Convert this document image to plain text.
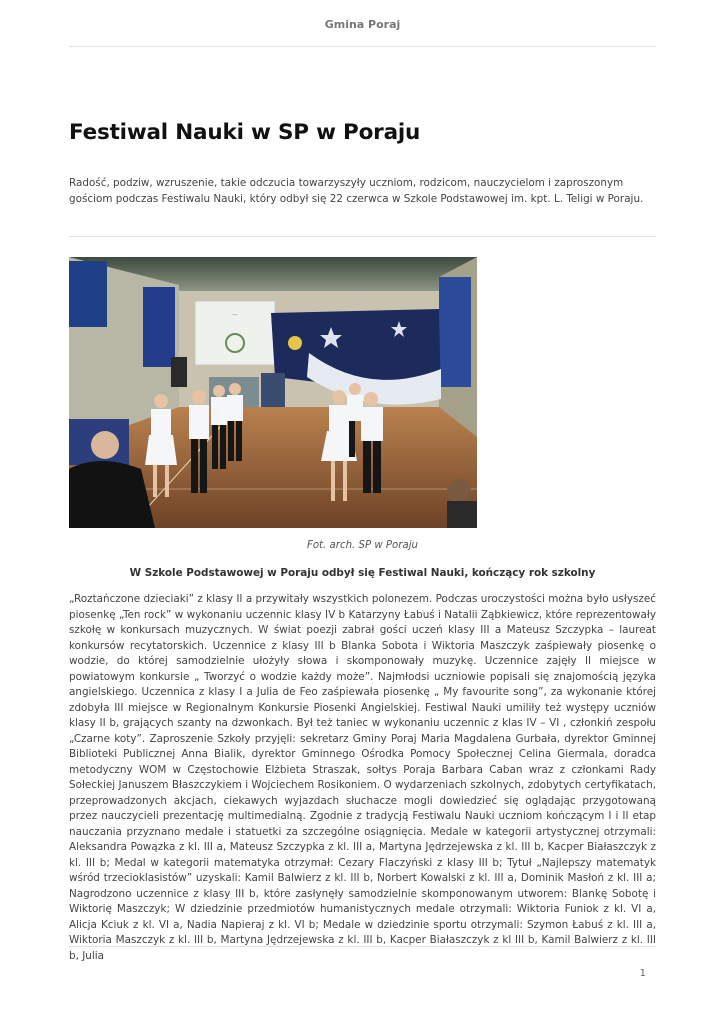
Gmina Poraj
Festiwal Nauki w SP w Poraju

Radość, podziw, wzruszenie, takie odczucia towarzyszyły uczniom, rodzicom, nauczycielom i zaproszonym gościom podczas Festiwalu Nauki, który odbył się 22 czerwca w Szkole Podstawowej im. kpt. L. Teligi w Poraju.

...

Fot. arch. SP w Poraju

W Szkole Podstawowej w Poraju odbył się Festiwal Nauki, kończący rok szkolny

„Roztańczone dzieciaki” z klasy II a przywitały wszystkich polonezem. Podczas uroczystości można było usłyszeć piosenkę „Ten rock” w wykonaniu uczennic klasy IV b Katarzyny Łabuś i Natalii Ząbkiewicz, które reprezentowały szkołę w konkursach muzycznych. W świat poezji zabrał gości uczeń klasy III a Mateusz Szczypka – laureat konkursów recytatorskich. Uczennice z klasy III b Blanka Sobota i Wiktoria Maszczyk zaśpiewały piosenkę o wodzie, do której samodzielnie ułożyły słowa i skomponowały muzykę. Uczennice zajęły II miejsce w powiatowym konkursie „ Tworzyć o wodzie każdy może”. Najmłodsi uczniowie popisali się znajomością języka angielskiego. Uczennica z klasy I a Julia de Feo zaśpiewała piosenkę „ My favourite song”, za wykonanie której zdobyła III miejsce w Regionalnym Konkursie Piosenki Angielskiej. Festiwal Nauki umiliły też występy uczniów klasy II b, grających szanty na dzwonkach. Był też taniec w wykonaniu uczennic z klas IV – VI , członkiń zespołu „Czarne koty”. Zaproszenie Szkoły przyjęli: sekretarz Gminy Poraj Maria Magdalena Gurbała, dyrektor Gminnej Biblioteki Publicznej Anna Bialik, dyrektor Gminnego Ośrodka Pomocy Społecznej Celina Giermala, doradca metodyczny WOM w Częstochowie Elżbieta Straszak, sołtys Poraja Barbara Caban wraz z członkami Rady Sołeckiej Januszem Błaszczykiem i Wojciechem Rosikoniem. O wydarzeniach szkolnych, zdobytych certyfikatach, przeprowadzonych akcjach, ciekawych wyjazdach słuchacze mogli dowiedzieć się oglądając przygotowaną przez nauczycieli prezentację multimedialną. Zgodnie z tradycją Festiwalu Nauki uczniom kończącym I i II etap nauczania przyznano medale i statuetki za szczególne osiągnięcia. Medale w kategorii artystycznej otrzymali: Aleksandra Powązka z kl. III a, Mateusz Szczypka z kl. III a, Martyna Jędrzejewska z kl. III b, Kacper Białaszczyk z kl. III b; Medal w kategorii matematyka otrzymał: Cezary Flaczyński z klasy III b; Tytuł „Najlepszy matematyk wśród trzecioklasistów” uzyskali: Kamil Balwierz z kl. III b, Norbert Kowalski z kl. III a, Dominik Masłoń z kl. III a; Nagrodzono uczennice z klasy III b, które zasłynęły samodzielnie skomponowanym utworem: Blankę Sobotę i Wiktorię Maszczyk; W dziedzinie przedmiotów humanistycznych medale otrzymali: Wiktoria Funiok z kl. VI a, Alicja Kciuk z kl. VI a, Nadia Napieraj z kl. VI b; Medale w dziedzinie sportu otrzymali: Szymon Łabuś z kl. III a, Wiktoria Maszczyk z kl. III b, Martyna Jędrzejewska z kl. III b, Kacper Białaszczyk z kl III b, Kamil Balwierz z kl. III b, Julia

1
